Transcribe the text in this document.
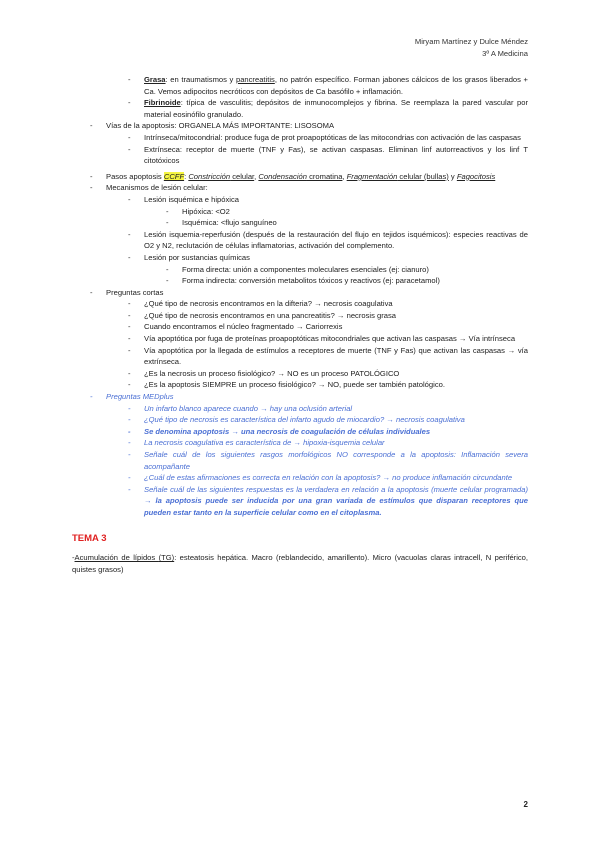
Miryam Martínez y Dulce Méndez
3º A Medicina
- Grasa: en traumatismos y pancreatitis, no patrón específico. Forman jabones cálcicos de los grasos liberados + Ca. Vemos adipocitos necróticos con depósitos de Ca basófilo + inflamación.
- Fibrinoide: típica de vasculitis; depósitos de inmunocomplejos y fibrina. Se reemplaza la pared vascular por material eosinófilo granulado.
- Vías de la apoptosis: ORGANELA MÁS IMPORTANTE: LISOSOMA
- Intrínseca/mitocondrial: produce fuga de prot proapoptóticas de las mitocondrias con activación de las caspasas
- Extrínseca: receptor de muerte (TNF y Fas), se activan caspasas. Eliminan linf autorreactivos y los linf T citotóxicos
- Pasos apoptosis CCFF: Constricción celular, Condensación cromatina, Fragmentación celular (bullas) y Fagocitosis
- Mecanismos de lesión celular:
- Lesión isquémica e hipóxica
- Hipóxica: <O2
- Isquémica: <flujo sanguíneo
- Lesión isquemia-reperfusión (después de la restauración del flujo en tejidos isquémicos): especies reactivas de O2 y N2, reclutación de células inflamatorias, activación del complemento.
- Lesión por sustancias químicas
- Forma directa: unión a componentes moleculares esenciales (ej: cianuro)
- Forma indirecta: conversión metabolitos tóxicos y reactivos (ej: paracetamol)
- Preguntas cortas
- ¿Qué tipo de necrosis encontramos en la difteria? → necrosis coagulativa
- ¿Qué tipo de necrosis encontramos en una pancreatitis? → necrosis grasa
- Cuando encontramos el núcleo fragmentado → Cariorrexis
- Vía apoptótica por fuga de proteínas proapoptóticas mitocondriales que activan las caspasas → Vía intrínseca
- Vía apoptótica por la llegada de estímulos a receptores de muerte (TNF y Fas) que activan las caspasas → vía extrínseca.
- ¿Es la necrosis un proceso fisiológico? → NO es un proceso PATOLÓGICO
- ¿Es la apoptosis SIEMPRE un proceso fisiológico? → NO, puede ser también patológico.
- Preguntas MEDplus
- Un infarto blanco aparece cuando → hay una oclusión arterial
- ¿Qué tipo de necrosis es característica del infarto agudo de miocardio? → necrosis coagulativa
- Se denomina apoptosis → una necrosis de coagulación de células individuales
- La necrosis coagulativa es característica de → hipoxia-isquemia celular
- Señale cuál de los siguientes rasgos morfológicos NO corresponde a la apoptosis: Inflamación severa acompañante
- ¿Cuál de estas afirmaciones es correcta en relación con la apoptosis? → no produce inflamación circundante
- Señale cuál de las siguientes respuestas es la verdadera en relación a la apoptosis (muerte celular programada) → la apoptosis puede ser inducida por una gran variada de estímulos que disparan receptores que pueden estar tanto en la superficie celular como en el citoplasma.
TEMA 3
-Acumulación de lípidos (TG): esteatosis hepática. Macro (reblandecido, amarillento). Micro (vacuolas claras intracell, N periférico, quistes grasos)
2
